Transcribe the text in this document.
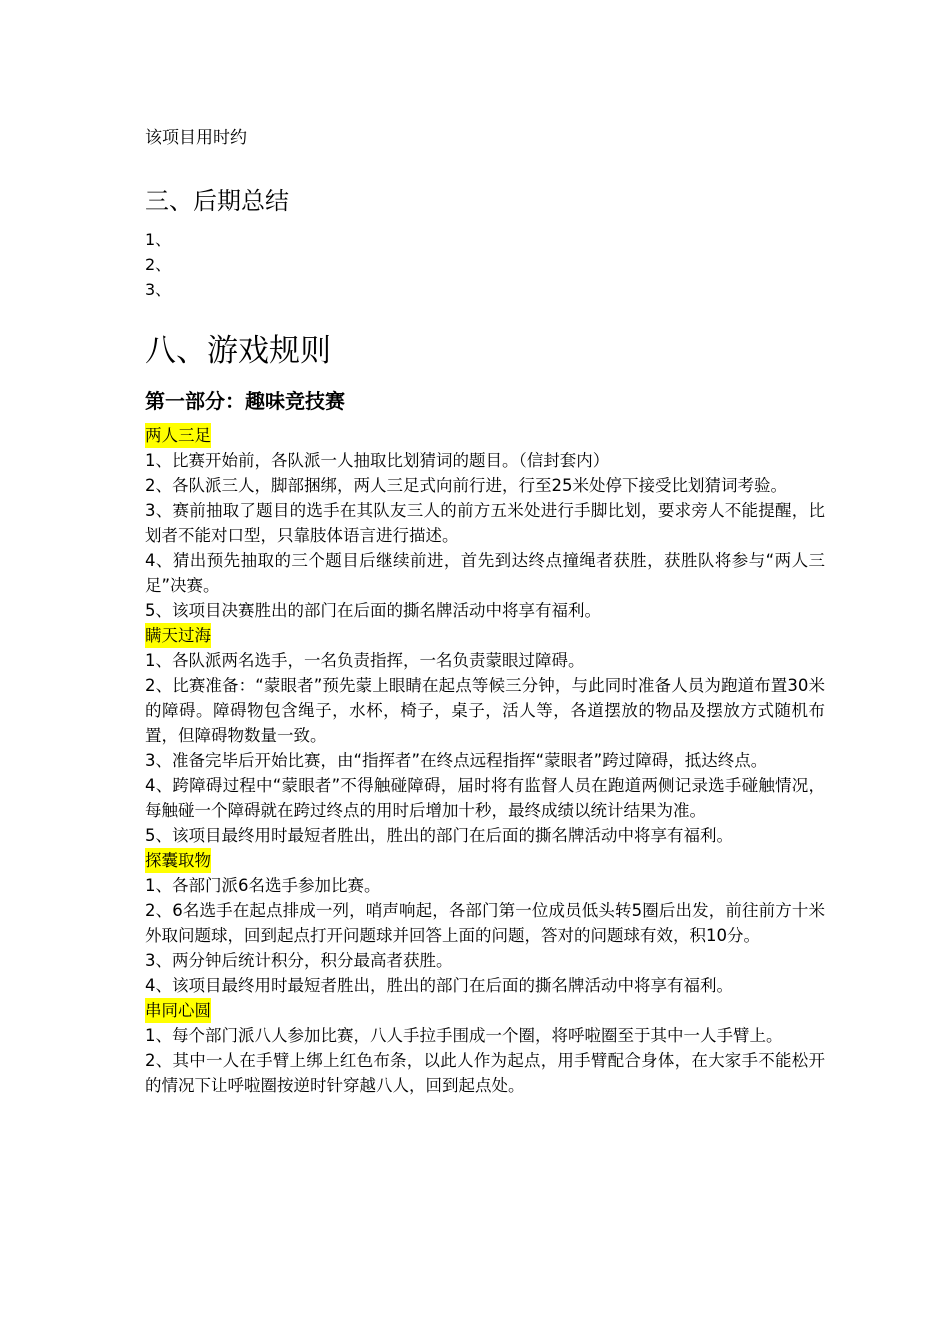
该项目用时约
三、后期总结
1、
2、
3、
八、游戏规则
第一部分：趣味竞技赛
两人三足

1、比赛开始前，各队派一人抽取比划猜词的题目。（信封套内）

2、各队派三人，脚部捆绑，两人三足式向前行进，行至25米处停下接受比划猜词考验。

3、赛前抽取了题目的选手在其队友三人的前方五米处进行手脚比划，要求旁人不能提醒，比划者不能对口型，只靠肢体语言进行描述。

4、猜出预先抽取的三个题目后继续前进，首先到达终点撞绳者获胜，获胜队将参与“两人三足”决赛。

5、该项目决赛胜出的部门在后面的撕名牌活动中将享有福利。

瞒天过海

1、各队派两名选手，一名负责指挥，一名负责蒙眼过障碍。

2、比赛准备：“蒙眼者”预先蒙上眼睛在起点等候三分钟，与此同时准备人员为跑道布置30米的障碍。障碍物包含绳子，水杯，椅子，桌子，活人等，各道摆放的物品及摆放方式随机布置，但障碍物数量一致。

3、准备完毕后开始比赛，由“指挥者”在终点远程指挥“蒙眼者”跨过障碍，抵达终点。

4、跨障碍过程中“蒙眼者”不得触碰障碍，届时将有监督人员在跑道两侧记录选手碰触情况，每触碰一个障碍就在跨过终点的用时后增加十秒，最终成绩以统计结果为准。

5、该项目最终用时最短者胜出，胜出的部门在后面的撕名牌活动中将享有福利。

探囊取物

1、各部门派6名选手参加比赛。

2、6名选手在起点排成一列，哨声响起，各部门第一位成员低头转5圈后出发，前往前方十米外取问题球，回到起点打开问题球并回答上面的问题，答对的问题球有效，积10分。

3、两分钟后统计积分，积分最高者获胜。

4、该项目最终用时最短者胜出，胜出的部门在后面的撕名牌活动中将享有福利。

串同心圆

1、每个部门派八人参加比赛，八人手拉手围成一个圈，将呼啦圈至于其中一人手臂上。

2、其中一人在手臂上绑上红色布条，以此人作为起点，用手臂配合身体，在大家手不能松开的情况下让呼啦圈按逆时针穿越八人，回到起点处。
